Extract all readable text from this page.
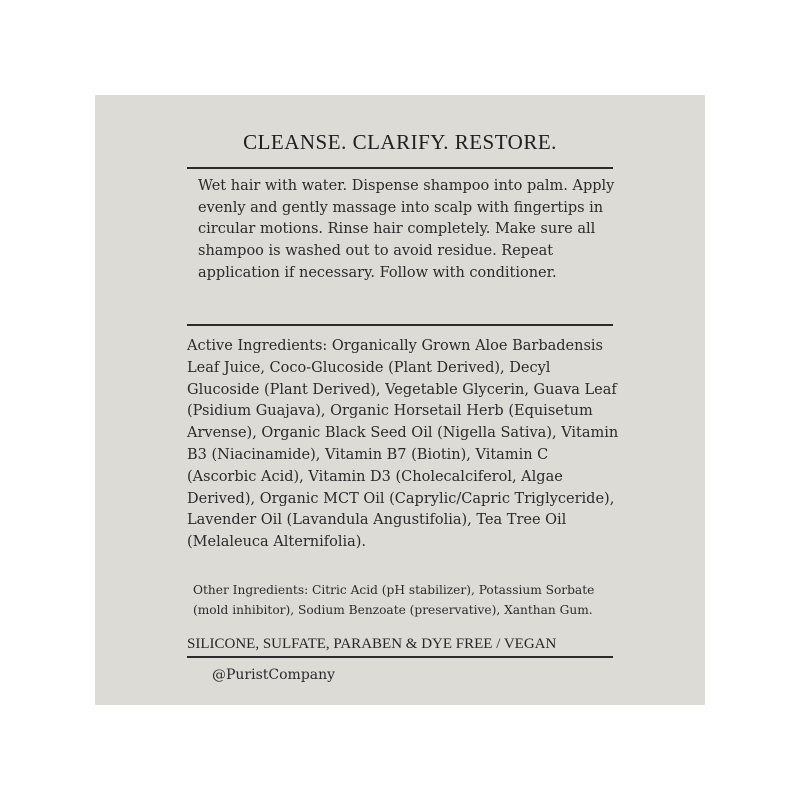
CLEANSE. CLARIFY. RESTORE.
Wet hair with water. Dispense shampoo into palm. Apply evenly and gently massage into scalp with fingertips in circular motions. Rinse hair completely. Make sure all shampoo is washed out to avoid residue. Repeat application if necessary. Follow with conditioner.
Active Ingredients: Organically Grown Aloe Barbadensis Leaf Juice, Coco-Glucoside (Plant Derived), Decyl Glucoside (Plant Derived), Vegetable Glycerin, Guava Leaf (Psidium Guajava), Organic Horsetail Herb (Equisetum Arvense), Organic Black Seed Oil (Nigella Sativa), Vitamin B3 (Niacinamide), Vitamin B7 (Biotin), Vitamin C (Ascorbic Acid), Vitamin D3 (Cholecalciferol, Algae Derived), Organic MCT Oil (Caprylic/Capric Triglyceride), Lavender Oil (Lavandula Angustifolia), Tea Tree Oil (Melaleuca Alternifolia).
Other Ingredients: Citric Acid (pH stabilizer), Potassium Sorbate (mold inhibitor), Sodium Benzoate (preservative), Xanthan Gum.
SILICONE, SULFATE, PARABEN & DYE FREE / VEGAN
@PuristCompany
